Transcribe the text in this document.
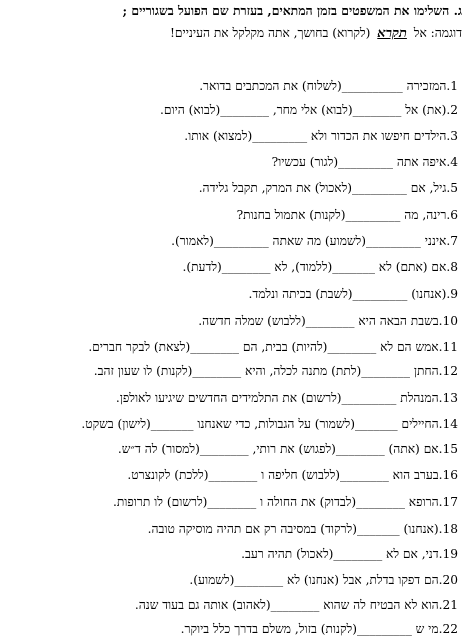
ג. השלימו את המשפטים בזמן המתאים, בעזרת שם הפועל בשגוריים ;
דוגמה: אל תקרא (לקרוא) בחושך, אתה מקלקל את העיניים!
1.המזכירה __________(לשלוח) את המכתבים בדואר.
2.(את) אל ________(לבוא) אלי מחר, ________(לבוא) היום.
3.הילדים חיפשו את הכדור ולא _________(למצוא) אותו.
4.איפה אתה _________(לגור) עכשיו?
5.גיל, אם _________(לאכול) את המרק, תקבל גלידה.
6.רינה, מה _________(לקנות) אתמול בחנות?
7.אינני _________(לשמוע) מה שאתה _________(לאמור).
8.אם (אתם) לא _______(ללמוד), לא ________(לדעת).
9.(אנחנו) _________(לשבת) בכיתה ונלמד.
10.בשבת הבאה היא ________(ללבוש) שמלה חדשה.
11.אמש הם לא ________(להיות) בבית, הם ________(לצאת) לבקר חברים.
12.החתן ________(לתת) מתנה לכלה, והיא ________(לקנות) לו שעון זהב.
13.המנהלת _________(לרשום) את התלמידים החדשים שיגיעו לאולפן.
14.החיילים _______(לשמור) על הגבולות, כדי שאנחנו _______(לישון) בשקט.
15.אם (אתה) ________(לפגוש) את רותי, ________(למסור) לה ד״ש.
16.בערב הוא ________(ללבוש) חליפה ו ________(ללכת) לקונצרט.
17.הרופא ________(לבדוק) את החולה ו ________(לרשום) לו תרופות.
18.(אנחנו) _______(לרקוד) במסיבה רק אם תהיה מוסיקה טובה.
19.דני, אם לא ________(לאכול) תהיה רעב.
20.הם דפקו בדלת, אבל (אנחנו) לא ________(לשמוע).
21.הוא לא הבטיח לה שהוא ________(לאהוב) אותה גם בעוד שנה.
22.מי ש _________(לקנות) בזול, משלם בדרך כלל ביוקר.
